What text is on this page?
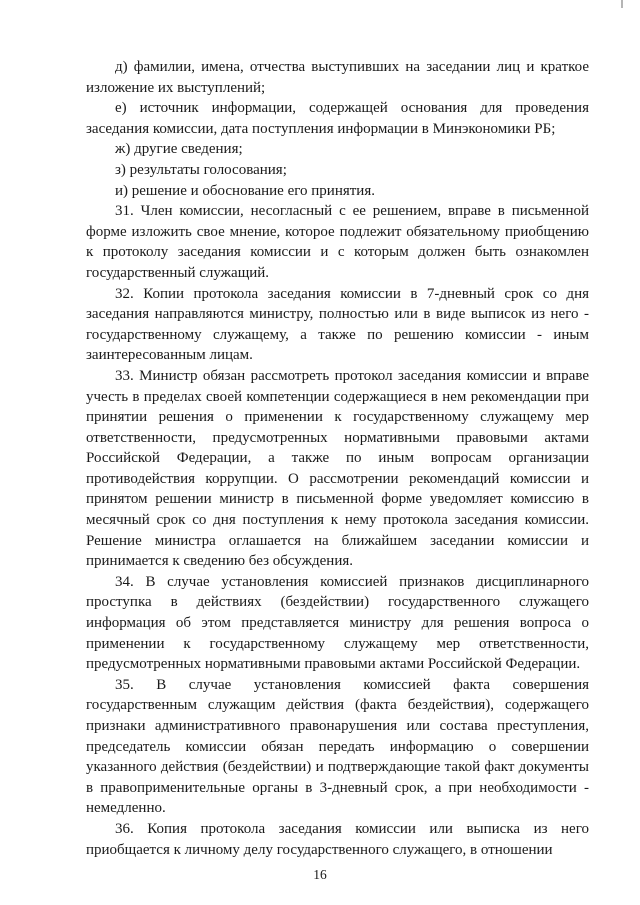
д) фамилии, имена, отчества выступивших на заседании лиц и краткое изложение их выступлений;

е) источник информации, содержащей основания для проведения заседания комиссии, дата поступления информации в Минэкономики РБ;

ж) другие сведения;

з) результаты голосования;

и) решение и обоснование его принятия.

31. Член комиссии, несогласный с ее решением, вправе в письменной форме изложить свое мнение, которое подлежит обязательному приобщению к протоколу заседания комиссии и с которым должен быть ознакомлен государственный служащий.

32. Копии протокола заседания комиссии в 7-дневный срок со дня заседания направляются министру, полностью или в виде выписок из него - государственному служащему, а также по решению комиссии - иным заинтересованным лицам.

33. Министр обязан рассмотреть протокол заседания комиссии и вправе учесть в пределах своей компетенции содержащиеся в нем рекомендации при принятии решения о применении к государственному служащему мер ответственности, предусмотренных нормативными правовыми актами Российской Федерации, а также по иным вопросам организации противодействия коррупции. О рассмотрении рекомендаций комиссии и принятом решении министр в письменной форме уведомляет комиссию в месячный срок со дня поступления к нему протокола заседания комиссии. Решение министра оглашается на ближайшем заседании комиссии и принимается к сведению без обсуждения.

34. В случае установления комиссией признаков дисциплинарного проступка в действиях (бездействии) государственного служащего информация об этом представляется министру для решения вопроса о применении к государственному служащему мер ответственности, предусмотренных нормативными правовыми актами Российской Федерации.

35. В случае установления комиссией факта совершения государственным служащим действия (факта бездействия), содержащего признаки административного правонарушения или состава преступления, председатель комиссии обязан передать информацию о совершении указанного действия (бездействии) и подтверждающие такой факт документы в правоприменительные органы в 3-дневный срок, а при необходимости - немедленно.

36. Копия протокола заседания комиссии или выписка из него приобщается к личному делу государственного служащего, в отношении

16
